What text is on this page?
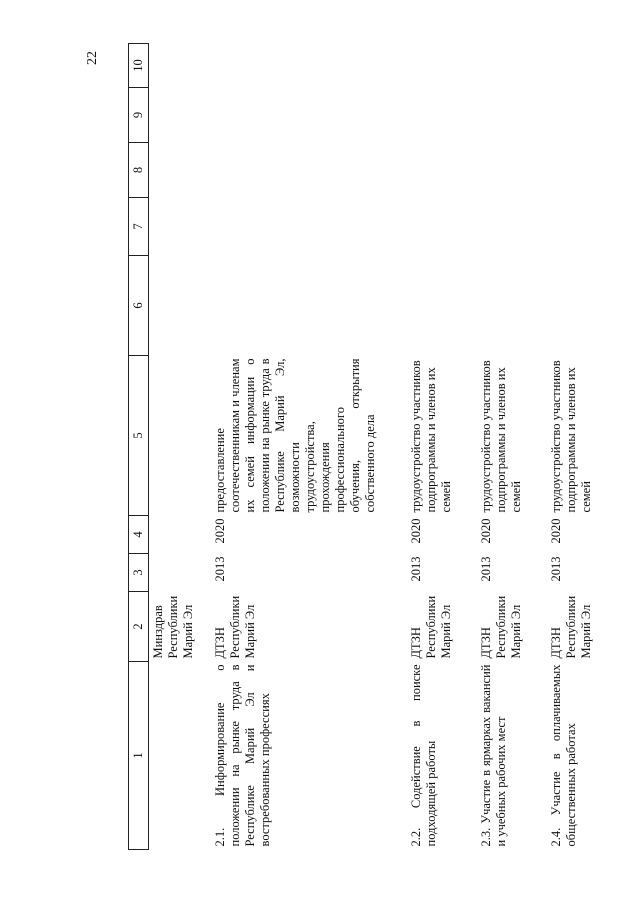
22
1	2	3	4	5	6	7	8	9	10
	Минздрав Республики Марий Эл								
2.1. Информирование о положении на рынке труда в Республике Марий Эл и востребованных профессиях	ДТЗН Республики Марий Эл	2013	2020	предоставление соотечественникам и членам их семей информации о положении на рынке труда в Республике Марий Эл, возможности трудоустройства, прохождения профессионального обучения, открытия собственного дела					
2.2. Содействие в поиске подходящей работы	ДТЗН Республики Марий Эл	2013	2020	трудоустройство участников подпрограммы и членов их семей					
2.3. Участие в ярмарках вакансий и учебных рабочих мест	ДТЗН Республики Марий Эл	2013	2020	трудоустройство участников подпрограммы и членов их семей					
2.4. Участие в оплачиваемых общественных работах	ДТЗН Республики Марий Эл	2013	2020	трудоустройство участников подпрограммы и членов их семей					
